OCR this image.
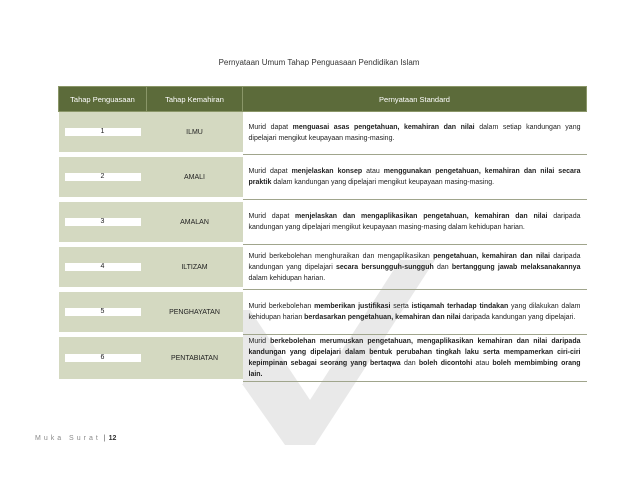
Pernyataan Umum Tahap Penguasaan Pendidikan Islam
Tahap Penguasaan	Tahap Kemahiran	Pernyataan Standard
1	ILMU	Murid dapat menguasai asas pengetahuan, kemahiran dan nilai dalam setiap kandungan yang dipelajari mengikut keupayaan masing-masing.
2	AMALI	Murid dapat menjelaskan konsep atau menggunakan pengetahuan, kemahiran dan nilai secara praktik dalam kandungan yang dipelajari mengikut keupayaan masing-masing.
3	AMALAN	Murid dapat menjelaskan dan mengaplikasikan pengetahuan, kemahiran dan nilai daripada kandungan yang dipelajari mengikut keupayaan masing-masing dalam kehidupan harian.
4	ILTIZAM	Murid berkebolehan menghuraikan dan mengaplikasikan pengetahuan, kemahiran dan nilai daripada kandungan yang dipelajari secara bersungguh-sungguh dan bertanggung jawab melaksanakannya dalam kehidupan harian.
5	PENGHAYATAN	Murid berkebolehan memberikan justifikasi serta istiqamah terhadap tindakan yang dilakukan dalam kehidupan harian berdasarkan pengetahuan, kemahiran dan nilai daripada kandungan yang dipelajari.
6	PENTABIATAN	Murid berkebolehan merumuskan pengetahuan, mengaplikasikan kemahiran dan nilai daripada kandungan yang dipelajari dalam bentuk perubahan tingkah laku serta mempamerkan ciri-ciri kepimpinan sebagai seorang yang bertaqwa dan boleh dicontohi atau boleh membimbing orang lain.
Muka Surat | 12
